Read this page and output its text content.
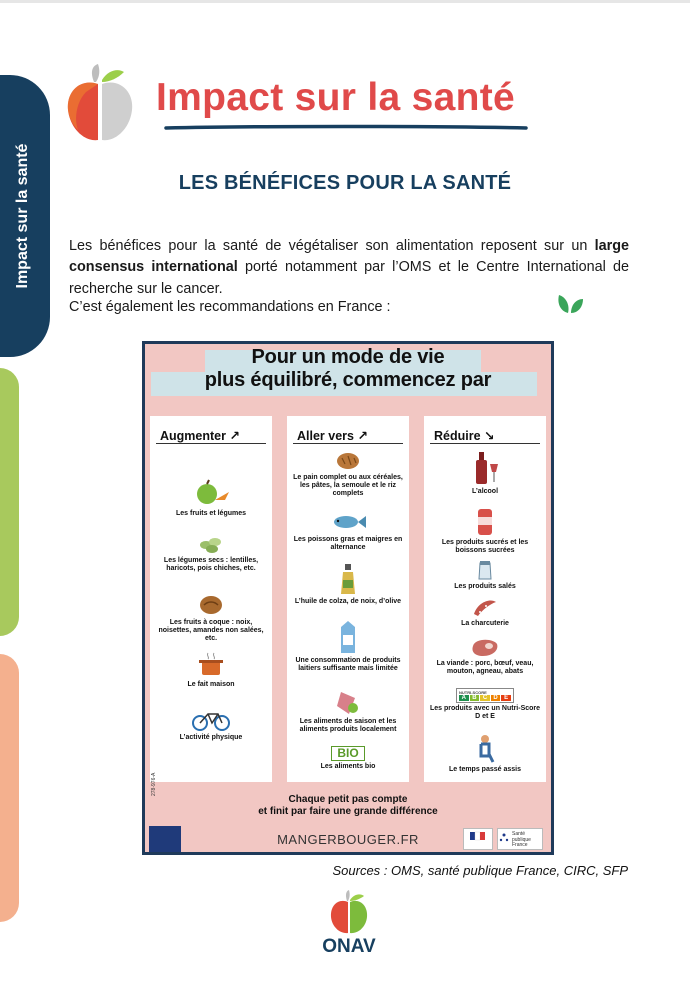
Impact sur la santé
Impact sur la santé
LES BÉNÉFICES POUR LA SANTÉ

Les bénéfices pour la santé de végétaliser son alimentation reposent sur un large consensus international porté notamment par l’OMS et le Centre International de recherche sur le cancer.

C’est également les recommandations en France :
Pour un mode de vie
plus équilibré, commencez par
Augmenter ↗
Les fruits et légumes
Les légumes secs : lentilles, haricots, pois chiches, etc.
Les fruits à coque : noix, noisettes, amandes non salées, etc.
Le fait maison
L’activité physique
Aller vers ↗
Le pain complet ou aux céréales, les pâtes, la semoule et le riz complets
Les poissons gras et maigres en alternance
L’huile de colza, de noix, d’olive
Une consommation de produits laitiers suffisante mais limitée
Les aliments de saison et les aliments produits localement
BIO
Les aliments bio
Réduire ↘
L’alcool
Les produits sucrés et les boissons sucrées
Les produits salés
La charcuterie
La viande : porc, bœuf, veau, mouton, agneau, abats
NUTRI-SCORE
A	B	C	D	E
Les produits avec un Nutri-Score D et E
Le temps passé assis
278-976-A
Chaque petit pas compte
et finit par faire une grande différence
MANGERBOUGER.FR	Santé publique France
Sources : OMS, santé publique France, CIRC, SFP
ONAV
